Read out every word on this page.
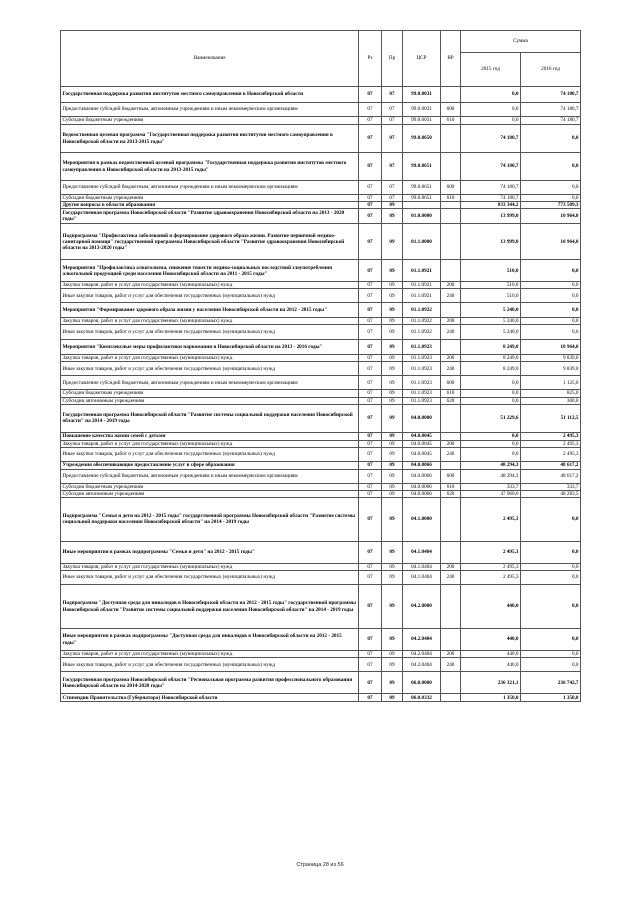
Наименование	Рз	Пр	ЦСР	ВР	Сумма	
					2015 год	2016 год
Государственная поддержка развития институтов местного самоуправления в Новосибирской области	07	07	99.0.0031		0,0	74 180,7
Предоставление субсидий бюджетным, автономным учреждениям и иным некоммерческим организациям	07	07	99.0.0031	600	0,0	74 180,7
Субсидии бюджетным учреждениям	07	07	99.0.0031	610	0,0	74 180,7
Ведомственная целевая программа "Государственная поддержка развития институтов местного самоуправления в Новосибирской области на 2013-2015 годы"	07	07	99.0.8650		74 180,7	0,0
Мероприятия в рамках ведомственной целевой программы "Государственная поддержка развития институтов местного самоуправления в Новосибирской области на 2013-2015 годы"	07	07	99.0.8651		74 180,7	0,0
Предоставление субсидий бюджетным, автономным учреждениям и иным некоммерческим организациям	07	07	99.0.8651	600	74 180,7	0,0
Субсидии бюджетным учреждениям	07	07	99.0.8651	610	74 180,7	0,0
Другие вопросы в области образования	07	09			833 344,2	773 509,3
Государственная программа Новосибирской области "Развитие здравоохранения Новосибирской области на 2013 - 2020 годы"	07	09	01.0.0000		13 999,0	10 964,0
Подпрограмма "Профилактика заболеваний и формирование здорового образа жизни. Развитие первичной медико-санитарной помощи" государственной программы Новосибирской области "Развитие здравоохранения Новосибирской области на 2013-2020 годы"	07	09	01.1.0000		13 999,0	10 964,0
Мероприятия "Профилактика алкоголизма, снижение тяжести медико-социальных последствий злоупотребления алкогольной продукцией среди населения Новосибирской области на 2011 - 2015 годы"	07	09	01.1.0921		510,0	0,0
Закупка товаров, работ и услуг для государственных (муниципальных) нужд	07	09	01.1.0921	200	510,0	0,0
Иные закупки товаров, работ и услуг для обеспечения государственных (муниципальных) нужд	07	09	01.1.0921	240	510,0	0,0
Мероприятия "Формирование здорового образа жизни у населения Новосибирской области на 2012 - 2015 годы"	07	09	01.1.0922		5 240,0	0,0
Закупка товаров, работ и услуг для государственных (муниципальных) нужд	07	09	01.1.0922	200	5 240,0	0,0
Иные закупки товаров, работ и услуг для обеспечения государственных (муниципальных) нужд	07	09	01.1.0922	240	5 240,0	0,0
Мероприятия "Комплексные меры профилактики наркомании в Новосибирской области на 2013 - 2016 годы"	07	09	01.1.0923		8 249,0	10 964,0
Закупка товаров, работ и услуг для государственных (муниципальных) нужд	07	09	01.1.0923	200	8 249,0	9 839,0
Иные закупки товаров, работ и услуг для обеспечения государственных (муниципальных) нужд	07	09	01.1.0923	240	8 249,0	9 839,0
Предоставление субсидий бюджетным, автономным учреждениям и иным некоммерческим организациям	07	09	01.1.0923	600	0,0	1 125,0
Субсидии бюджетным учреждениям	07	09	01.1.0923	610	0,0	825,0
Субсидии автономным учреждениям	07	09	01.1.0923	620	0,0	300,0
Государственная программа Новосибирской области "Развитие системы социальной поддержки населения Новосибирской области" на 2014 - 2019 годы	07	09	04.0.0000		51 229,6	51 112,5
Повышение качества жизни семей с детьми	07	09	04.0.0045		0,0	2 495,3
Закупка товаров, работ и услуг для государственных (муниципальных) нужд	07	09	04.0.0045	200	0,0	2 495,3
Иные закупки товаров, работ и услуг для обеспечения государственных (муниципальных) нужд	07	09	04.0.0045	240	0,0	2 495,3
Учреждения обеспечивающие предоставление услуг в сфере образования	07	09	04.0.0066		48 294,3	48 617,2
Предоставление субсидий бюджетным, автономным учреждениям и иным некоммерческим организациям	07	09	04.0.0066	600	48 294,3	48 617,2
Субсидии бюджетным учреждениям	07	09	04.0.0066	610	333,7	333,7
Субсидии автономным учреждениям	07	09	04.0.0066	620	47 960,6	48 283,5
Подпрограмма "Семья и дети на 2012 - 2015 годы" государственной программы Новосибирской области "Развитие системы социальной поддержки населения Новосибирской области" на 2014 - 2019 годы	07	09	04.1.0000		2 495,3	0,0
Иные мероприятия в рамках подпрограммы "Семья и дети" на 2012 - 2015 годы"	07	09	04.1.0404		2 495,3	0,0
Закупка товаров, работ и услуг для государственных (муниципальных) нужд	07	09	04.1.0404	200	2 495,3	0,0
Иные закупки товаров, работ и услуг для обеспечения государственных (муниципальных) нужд	07	09	04.1.0404	240	2 495,3	0,0
Подпрограмма "Доступная среда для инвалидов в Новосибирской области на 2012 - 2015 годы" государственной программы Новосибирской области "Развитие системы социальной поддержки населения Новосибирской области" на 2014 - 2019 годы	07	09	04.2.0000		440,0	0,0
Иные мероприятия в рамках подпрограммы "Доступная среда для инвалидов в Новосибирской области на 2012 - 2015 годы"	07	09	04.2.0404		440,0	0,0
Закупка товаров, работ и услуг для государственных (муниципальных) нужд	07	09	04.2.0404	200	440,0	0,0
Иные закупки товаров, работ и услуг для обеспечения государственных (муниципальных) нужд	07	09	04.2.0404	240	440,0	0,0
Государственная программа Новосибирской области "Региональная программа развития профессионального образования Новосибирской области на 2014-2020 годы"	07	09	06.0.0000		236 321,1	236 742,7
Стипендии Правительства (Губернатора) Новосибирской области	07	09	06.0.0332		1 350,0	1 350,0
Страница 28 из 56
